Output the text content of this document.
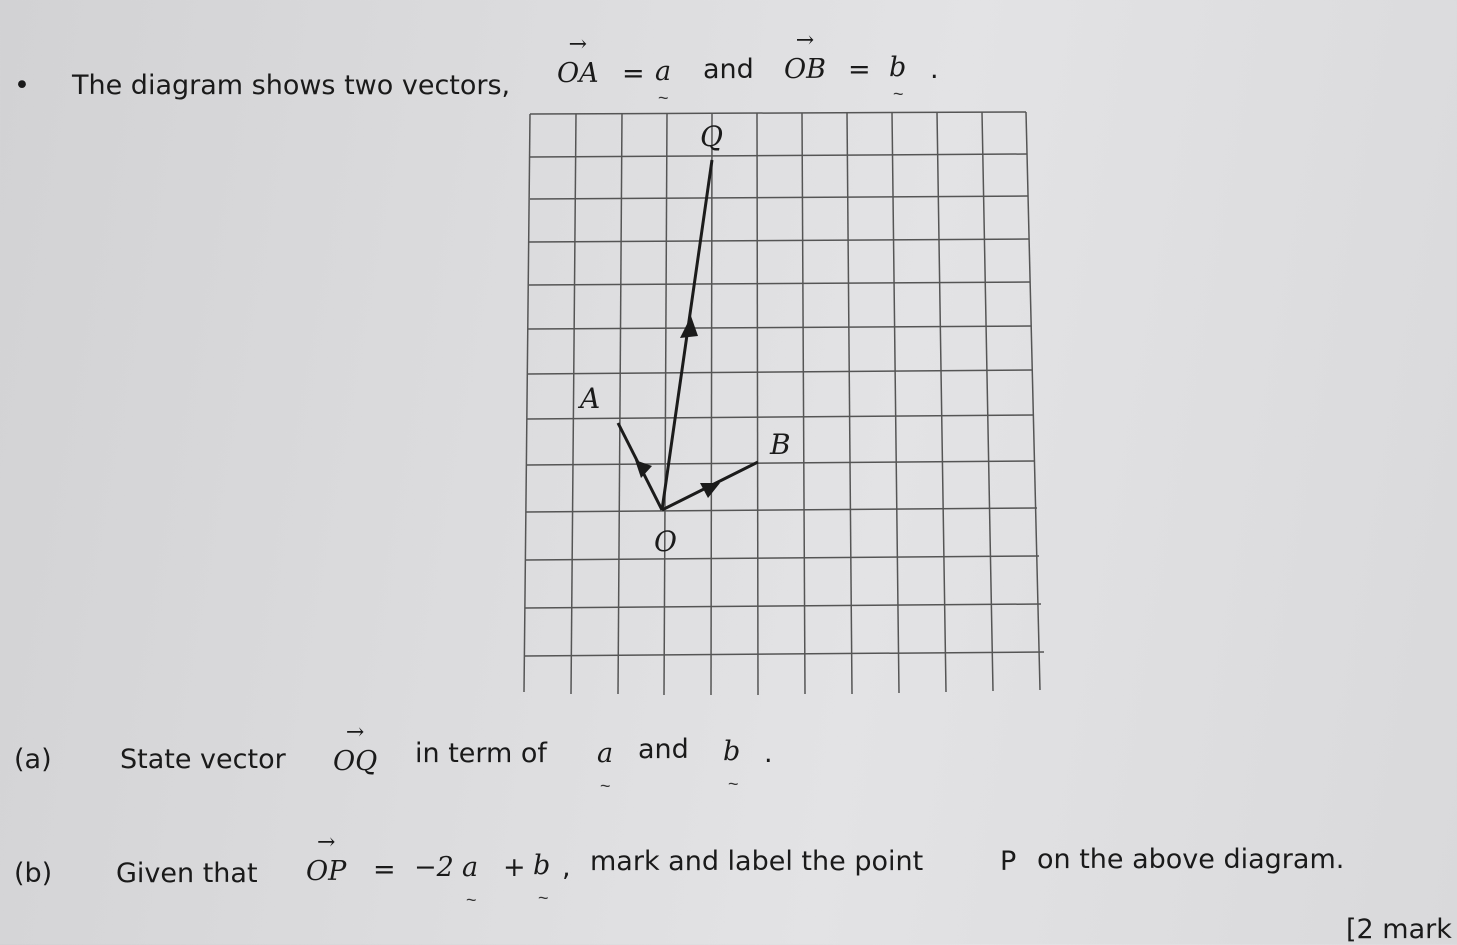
• The diagram shows two vectors,
→
OA = a
~
and
→
OB = b
~
.
Q
A
B
O
(a)	State vector
→
OQ in term of a
~
and b
~
.
(b) Given that
→
OP = −2 a
~
+ b
~
, mark and label the point	P on the above diagram.
[2 mark
